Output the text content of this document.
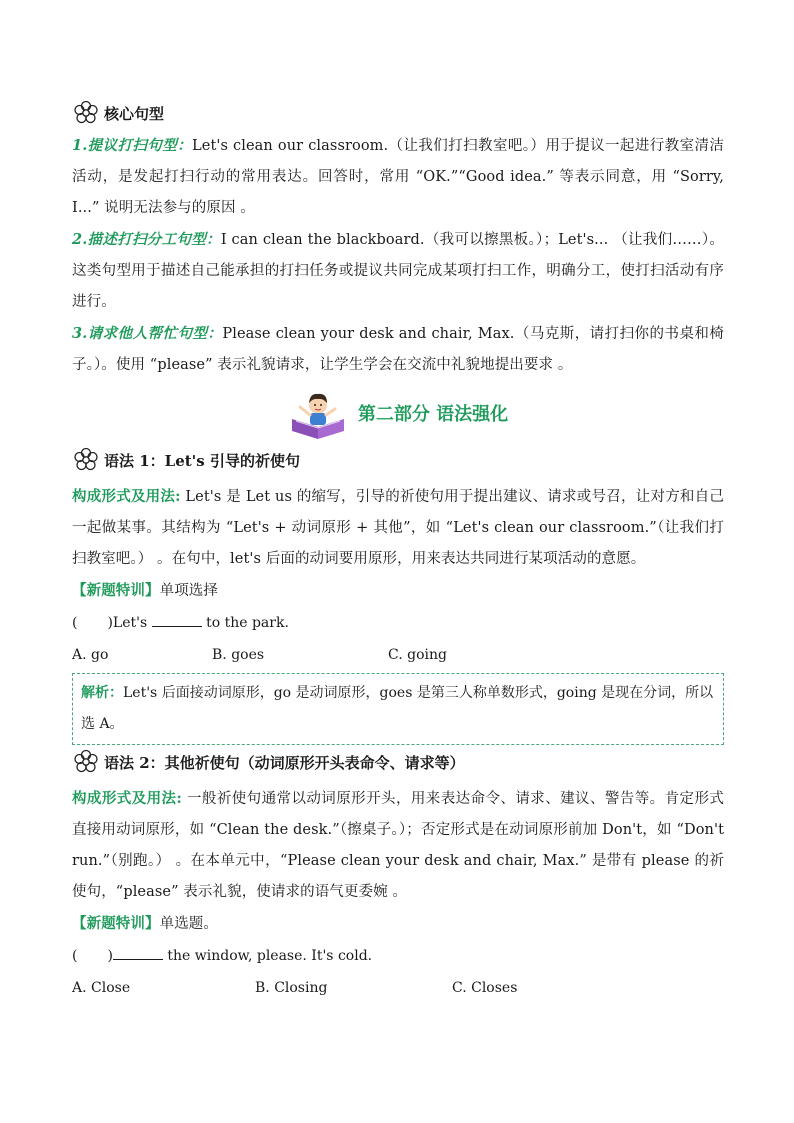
核心句型

1.提议打扫句型：Let's clean our classroom.（让我们打扫教室吧。）用于提议一起进行教室清洁活动，是发起打扫行动的常用表达。回答时，常用 “OK.”“Good idea.” 等表示同意，用 “Sorry, I...” 说明无法参与的原因 。

2.描述打扫分工句型：I can clean the blackboard.（我可以擦黑板。）；Let's... （让我们……）。这类句型用于描述自己能承担的打扫任务或提议共同完成某项打扫工作，明确分工，使打扫活动有序进行。

3.请求他人帮忙句型：Please clean your desk and chair, Max.（马克斯，请打扫你的书桌和椅子。）。使用 “please” 表示礼貌请求，让学生学会在交流中礼貌地提出要求 。

第二部分 语法强化
语法 1：Let's 引导的祈使句

构成形式及用法: Let's 是 Let us 的缩写，引导的祈使句用于提出建议、请求或号召，让对方和自己一起做某事。其结构为 “Let's + 动词原形 + 其他”，如 “Let's clean our classroom.”（让我们打扫教室吧。） 。在句中，let's 后面的动词要用原形，用来表达共同进行某项活动的意愿。

【新题特训】单项选择

( )Let's	to the park.

A. go	B. goes	C. going
解析：Let's 后面接动词原形，go 是动词原形，goes 是第三人称单数形式，going 是现在分词，所以选 A。
语法 2：其他祈使句（动词原形开头表命令、请求等）

构成形式及用法: 一般祈使句通常以动词原形开头，用来表达命令、请求、建议、警告等。肯定形式直接用动词原形，如 “Clean the desk.”（擦桌子。）；否定形式是在动词原形前加 Don't，如 “Don't run.”（别跑。） 。在本单元中，“Please clean your desk and chair, Max.” 是带有 please 的祈使句，“please” 表示礼貌，使请求的语气更委婉 。

【新题特训】单选题。

( )	the window, please. It's cold.

A. Close	B. Closing	C. Closes
